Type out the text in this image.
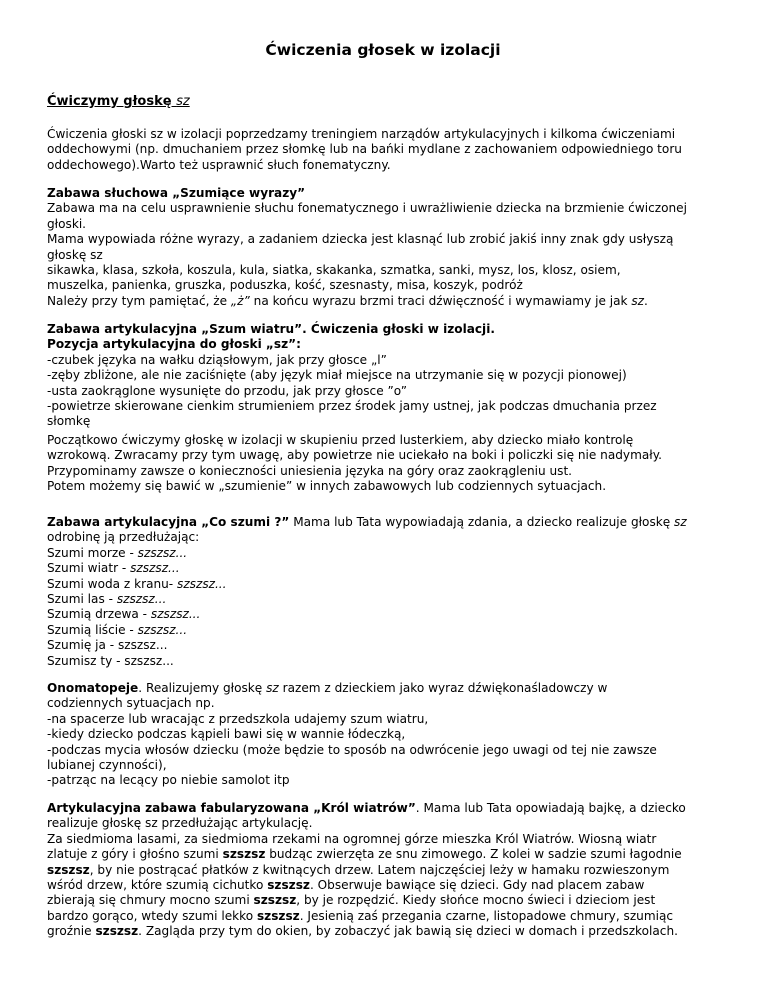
Ćwiczenia głosek w izolacji
Ćwiczymy głoskę sz

Ćwiczenia głoski sz w izolacji poprzedzamy treningiem narządów artykulacyjnych i kilkoma ćwiczeniami

oddechowymi (np. dmuchaniem przez słomkę lub na bańki mydlane z zachowaniem odpowiedniego toru

oddechowego).Warto też usprawnić słuch fonematyczny.

Zabawa słuchowa „Szumiące wyrazy”

Zabawa ma na celu usprawnienie słuchu fonematycznego i uwrażliwienie dziecka na brzmienie ćwiczonej

głoski.

Mama wypowiada różne wyrazy, a zadaniem dziecka jest klasnąć lub zrobić jakiś inny znak gdy usłyszą

głoskę sz

sikawka, klasa, szkoła, koszula, kula, siatka, skakanka, szmatka, sanki, mysz, los, klosz, osiem,

muszelka, panienka, gruszka, poduszka, kość, szesnasty, misa, koszyk, podróż

Należy przy tym pamiętać, że „ż” na końcu wyrazu brzmi traci dźwięczność i wymawiamy je jak sz.

Zabawa artykulacyjna „Szum wiatru”. Ćwiczenia głoski w izolacji.

Pozycja artykulacyjna do głoski „sz”:

-czubek języka na wałku dziąsłowym, jak przy głosce „l”

-zęby zbliżone, ale nie zaciśnięte (aby język miał miejsce na utrzymanie się w pozycji pionowej)

-usta zaokrąglone wysunięte do przodu, jak przy głosce ”o”

-powietrze skierowane cienkim strumieniem przez środek jamy ustnej, jak podczas dmuchania przez

słomkę

Początkowo ćwiczymy głoskę w izolacji w skupieniu przed lusterkiem, aby dziecko miało kontrolę

wzrokową. Zwracamy przy tym uwagę, aby powietrze nie uciekało na boki i policzki się nie nadymały.

Przypominamy zawsze o konieczności uniesienia języka na góry oraz zaokrągleniu ust.

Potem możemy się bawić w „szumienie” w innych zabawowych lub codziennych sytuacjach.

Zabawa artykulacyjna „Co szumi ?” Mama lub Tata wypowiadają zdania, a dziecko realizuje głoskę sz

odrobinę ją przedłużając:

Szumi morze - szszsz...

Szumi wiatr - szszsz...

Szumi woda z kranu- szszsz...

Szumi las - szszsz...

Szumią drzewa - szszsz...

Szumią liście - szszsz...

Szumię ja - szszsz...

Szumisz ty - szszsz...

Onomatopeje. Realizujemy głoskę sz razem z dzieckiem jako wyraz dźwiękonaśladowczy w

codziennych sytuacjach np.

-na spacerze lub wracając z przedszkola udajemy szum wiatru,

-kiedy dziecko podczas kąpieli bawi się w wannie łódeczką,

-podczas mycia włosów dziecku (może będzie to sposób na odwrócenie jego uwagi od tej nie zawsze

lubianej czynności),

-patrząc na lecący po niebie samolot itp

Artykulacyjna zabawa fabularyzowana „Król wiatrów”. Mama lub Tata opowiadają bajkę, a dziecko

realizuje głoskę sz przedłużając artykulację.

Za siedmioma lasami, za siedmioma rzekami na ogromnej górze mieszka Król Wiatrów. Wiosną wiatr

zlatuje z góry i głośno szumi szszsz budząc zwierzęta ze snu zimowego. Z kolei w sadzie szumi łagodnie

szszsz, by nie postrącać płatków z kwitnących drzew. Latem najczęściej leży w hamaku rozwieszonym

wśród drzew, które szumią cichutko szszsz. Obserwuje bawiące się dzieci. Gdy nad placem zabaw

zbierają się chmury mocno szumi szszsz, by je rozpędzić. Kiedy słońce mocno świeci i dzieciom jest

bardzo gorąco, wtedy szumi lekko szszsz. Jesienią zaś przegania czarne, listopadowe chmury, szumiąc

groźnie szszsz. Zagląda przy tym do okien, by zobaczyć jak bawią się dzieci w domach i przedszkolach.
